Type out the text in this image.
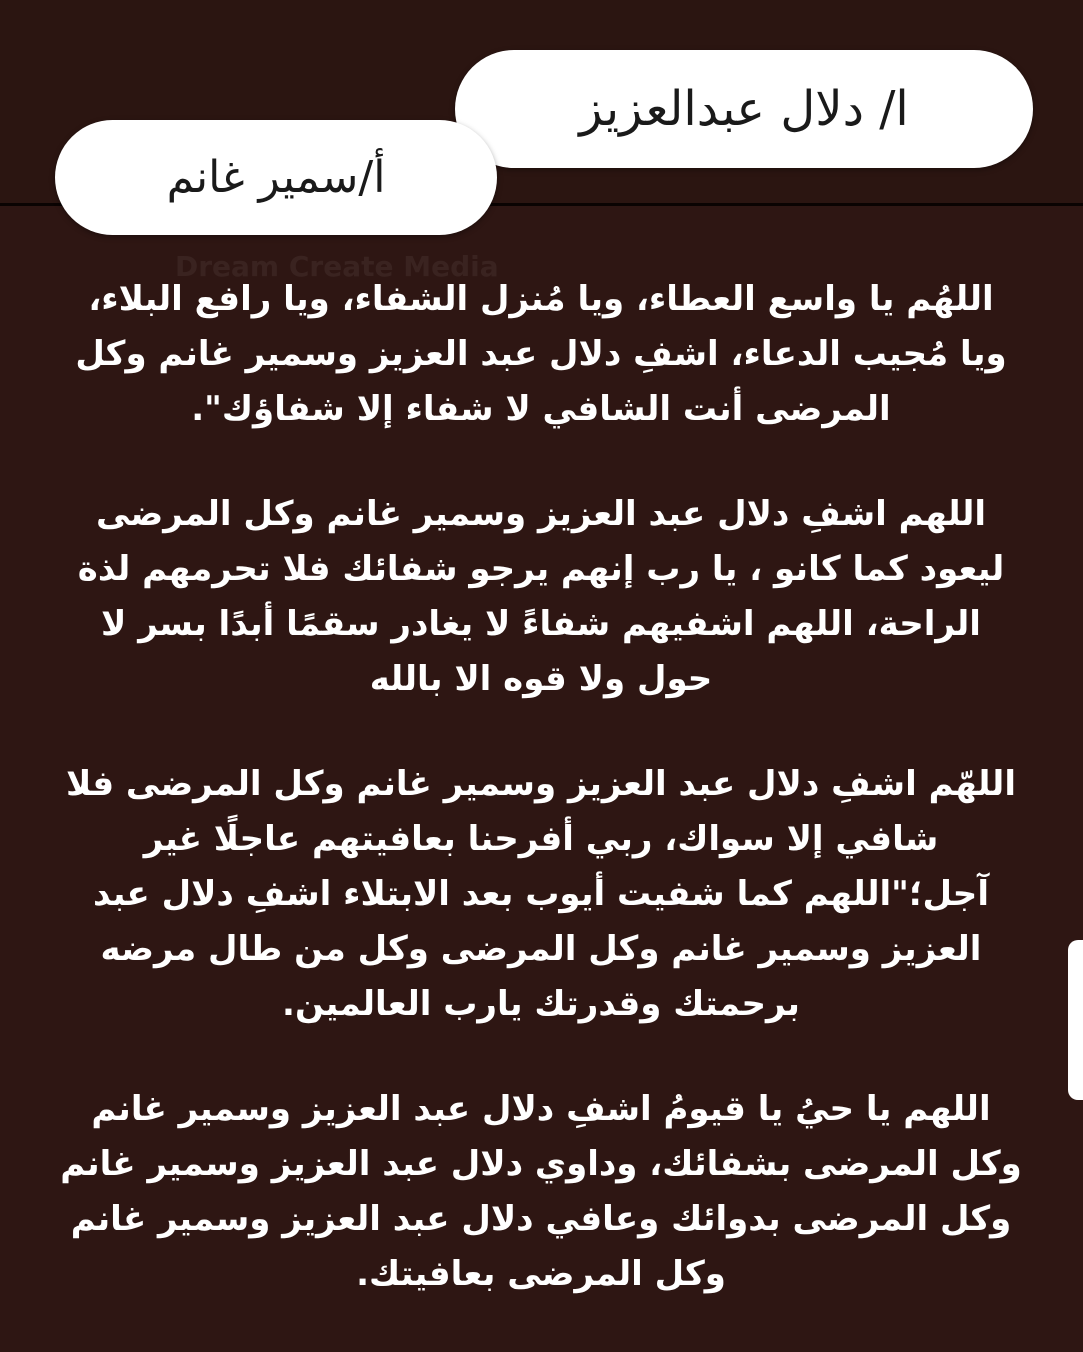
ا/ دلال عبدالعزيز
أ/سمير غانم
Dream Create Media

اللهُم يا واسع العطاء، ويا مُنزل الشفاء، ويا رافع البلاء، ويا مُجيب الدعاء، اشفِ دلال عبد العزيز وسمير غانم وكل المرضى أنت الشافي لا شفاء إلا شفاؤك".

اللهم اشفِ دلال عبد العزيز وسمير غانم وكل المرضى ليعود كما كانو ، يا رب إنهم يرجو شفائك فلا تحرمهم لذة الراحة، اللهم اشفيهم شفاءً لا يغادر سقمًا أبدًا بسر لا حول ولا قوه الا بالله

اللهّم اشفِ دلال عبد العزيز وسمير غانم وكل المرضى فلا شافي إلا سواك، ربي أفرحنا بعافيتهم عاجلًا غير آجل؛"اللهم كما شفيت أيوب بعد الابتلاء اشفِ دلال عبد العزيز وسمير غانم وكل المرضى وكل من طال مرضه برحمتك وقدرتك يارب العالمين.

اللهم يا حيُ يا قيومُ اشفِ دلال عبد العزيز وسمير غانم وكل المرضى بشفائك، وداوي دلال عبد العزيز وسمير غانم وكل المرضى بدوائك وعافي دلال عبد العزيز وسمير غانم وكل المرضى بعافيتك.
